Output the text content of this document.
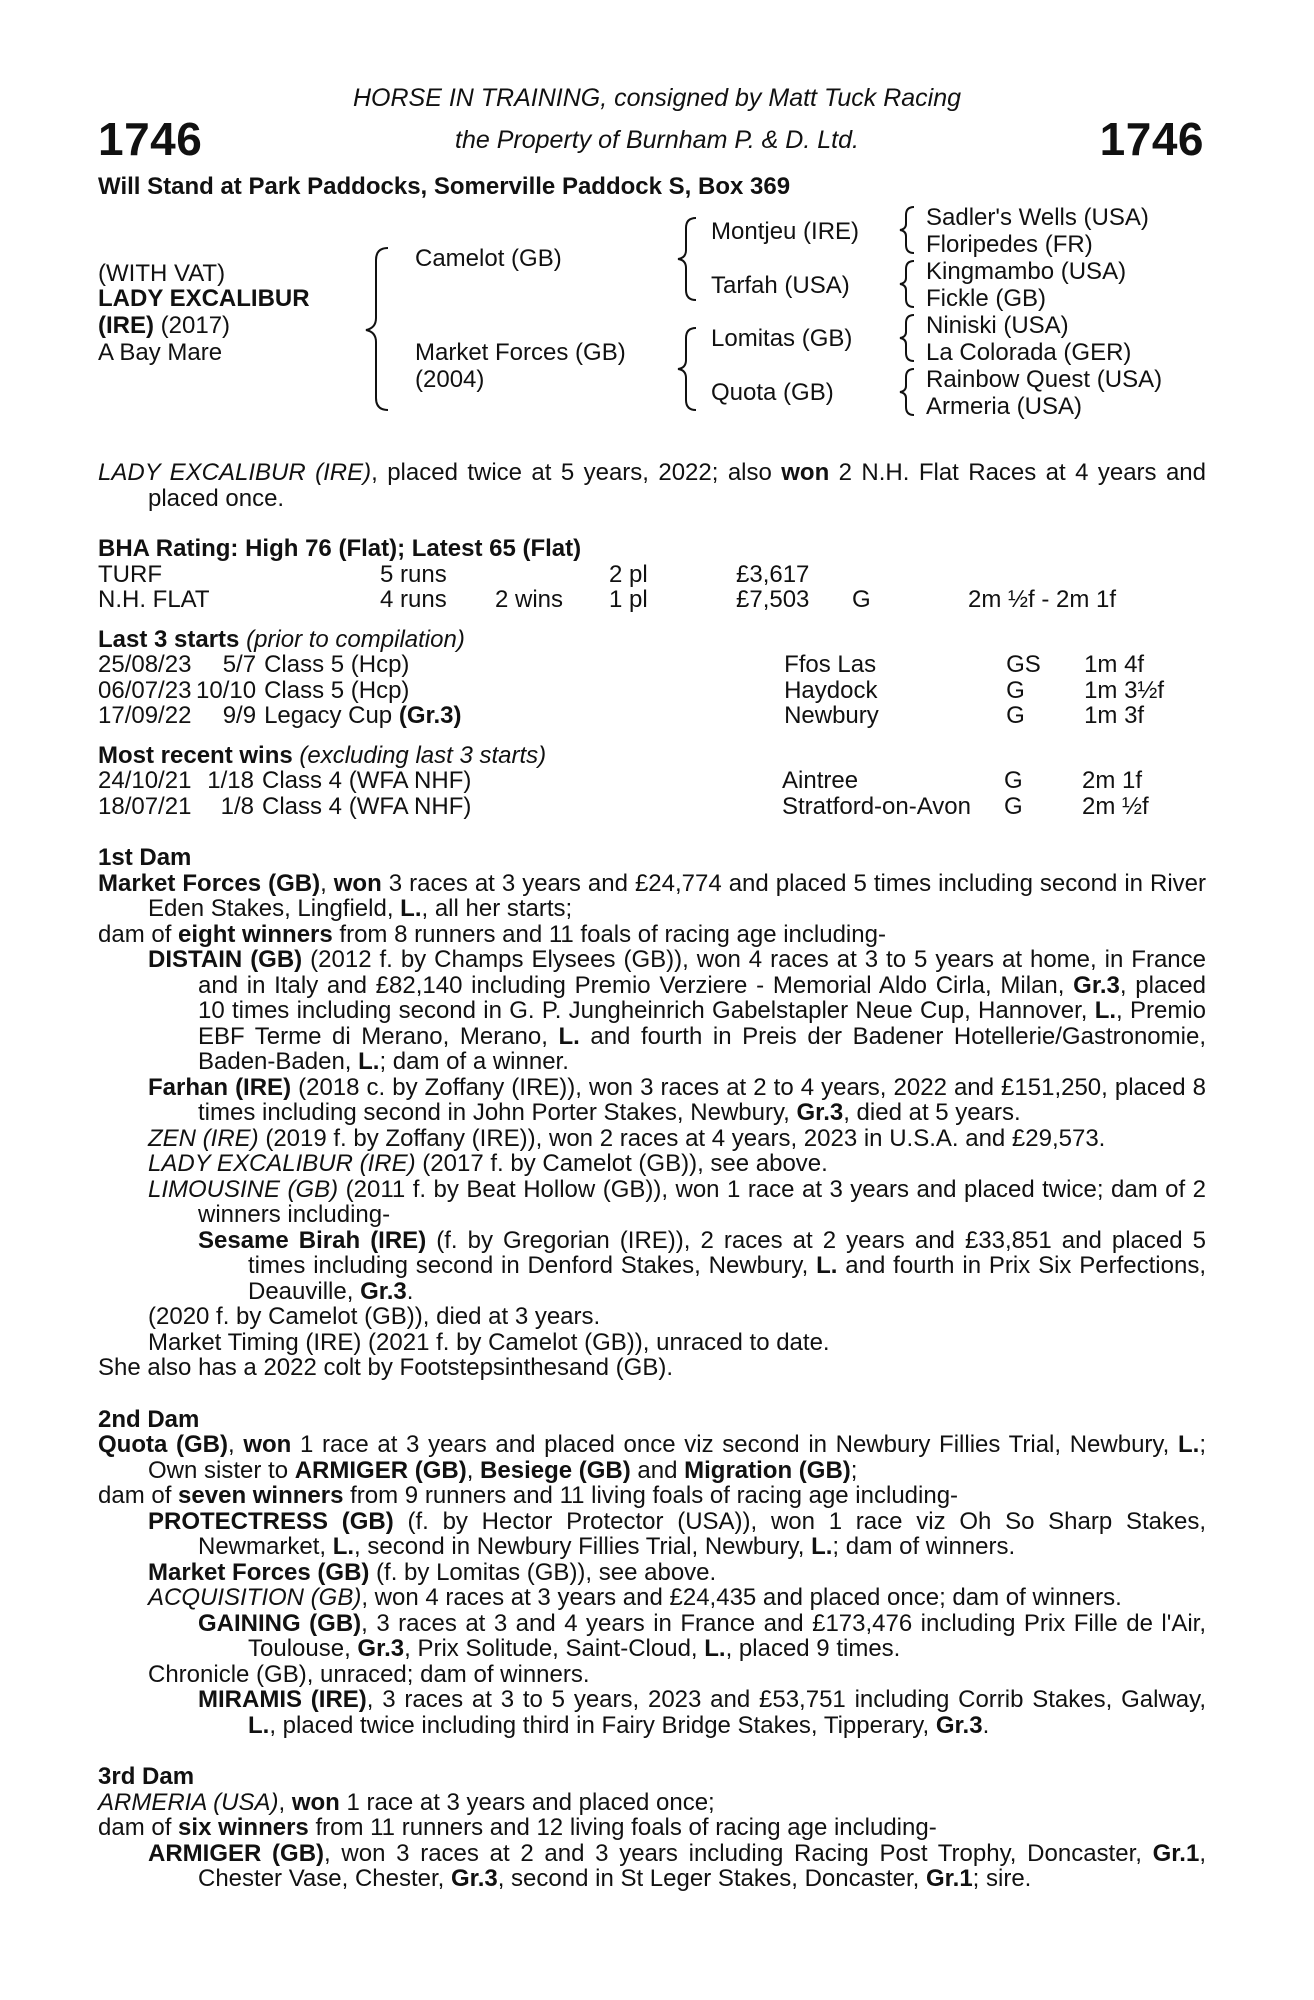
1746	1746
HORSE IN TRAINING, consigned by Matt Tuck Racing
the Property of Burnham P. & D. Ltd.
Will Stand at Park Paddocks, Somerville Paddock S, Box 369
(WITH VAT)
LADY EXCALIBUR
(IRE) (2017)
A Bay Mare
Camelot (GB)
Market Forces (GB)
(2004)
Montjeu (IRE)
Tarfah (USA)
Lomitas (GB)
Quota (GB)
Sadler's Wells (USA)
Floripedes (FR)
Kingmambo (USA)
Fickle (GB)
Niniski (USA)
La Colorada (GER)
Rainbow Quest (USA)
Armeria (USA)

LADY EXCALIBUR (IRE), placed twice at 5 years, 2022; also won 2 N.H. Flat Races at 4 years and placed once.

BHA Rating: High 76 (Flat); Latest 65 (Flat)
TURF	5 runs		2 pl	£3,617		
N.H. FLAT	4 runs	2 wins	1 pl	£7,503	G	2m ½f - 2m 1f
Last 3 starts (prior to compilation)
25/08/23	5/7	Class 5 (Hcp)	Ffos Las	GS	1m 4f
06/07/23	10/10	Class 5 (Hcp)	Haydock	G	1m 3½f
17/09/22	9/9	Legacy Cup (Gr.3)	Newbury	G	1m 3f
Most recent wins (excluding last 3 starts)
24/10/21	1/18	Class 4 (WFA NHF)	Aintree	G	2m 1f
18/07/21	1/8	Class 4 (WFA NHF)	Stratford-on-Avon	G	2m ½f
1st Dam

Market Forces (GB), won 3 races at 3 years and £24,774 and placed 5 times including second in River Eden Stakes, Lingfield, L., all her starts;

dam of eight winners from 8 runners and 11 foals of racing age including-

DISTAIN (GB) (2012 f. by Champs Elysees (GB)), won 4 races at 3 to 5 years at home, in France and in Italy and £82,140 including Premio Verziere - Memorial Aldo Cirla, Milan, Gr.3, placed 10 times including second in G. P. Jungheinrich Gabelstapler Neue Cup, Hannover, L., Premio EBF Terme di Merano, Merano, L. and fourth in Preis der Badener Hotellerie/Gastronomie, Baden-Baden, L.; dam of a winner.

Farhan (IRE) (2018 c. by Zoffany (IRE)), won 3 races at 2 to 4 years, 2022 and £151,250, placed 8 times including second in John Porter Stakes, Newbury, Gr.3, died at 5 years.

ZEN (IRE) (2019 f. by Zoffany (IRE)), won 2 races at 4 years, 2023 in U.S.A. and £29,573.

LADY EXCALIBUR (IRE) (2017 f. by Camelot (GB)), see above.

LIMOUSINE (GB) (2011 f. by Beat Hollow (GB)), won 1 race at 3 years and placed twice; dam of 2 winners including-

Sesame Birah (IRE) (f. by Gregorian (IRE)), 2 races at 2 years and £33,851 and placed 5 times including second in Denford Stakes, Newbury, L. and fourth in Prix Six Perfections, Deauville, Gr.3.

(2020 f. by Camelot (GB)), died at 3 years.

Market Timing (IRE) (2021 f. by Camelot (GB)), unraced to date.

She also has a 2022 colt by Footstepsinthesand (GB).

2nd Dam

Quota (GB), won 1 race at 3 years and placed once viz second in Newbury Fillies Trial, Newbury, L.; Own sister to ARMIGER (GB), Besiege (GB) and Migration (GB);

dam of seven winners from 9 runners and 11 living foals of racing age including-

PROTECTRESS (GB) (f. by Hector Protector (USA)), won 1 race viz Oh So Sharp Stakes, Newmarket, L., second in Newbury Fillies Trial, Newbury, L.; dam of winners.

Market Forces (GB) (f. by Lomitas (GB)), see above.

ACQUISITION (GB), won 4 races at 3 years and £24,435 and placed once; dam of winners.

GAINING (GB), 3 races at 3 and 4 years in France and £173,476 including Prix Fille de l'Air, Toulouse, Gr.3, Prix Solitude, Saint-Cloud, L., placed 9 times.

Chronicle (GB), unraced; dam of winners.

MIRAMIS (IRE), 3 races at 3 to 5 years, 2023 and £53,751 including Corrib Stakes, Galway, L., placed twice including third in Fairy Bridge Stakes, Tipperary, Gr.3.

3rd Dam

ARMERIA (USA), won 1 race at 3 years and placed once;

dam of six winners from 11 runners and 12 living foals of racing age including-

ARMIGER (GB), won 3 races at 2 and 3 years including Racing Post Trophy, Doncaster, Gr.1, Chester Vase, Chester, Gr.3, second in St Leger Stakes, Doncaster, Gr.1; sire.
